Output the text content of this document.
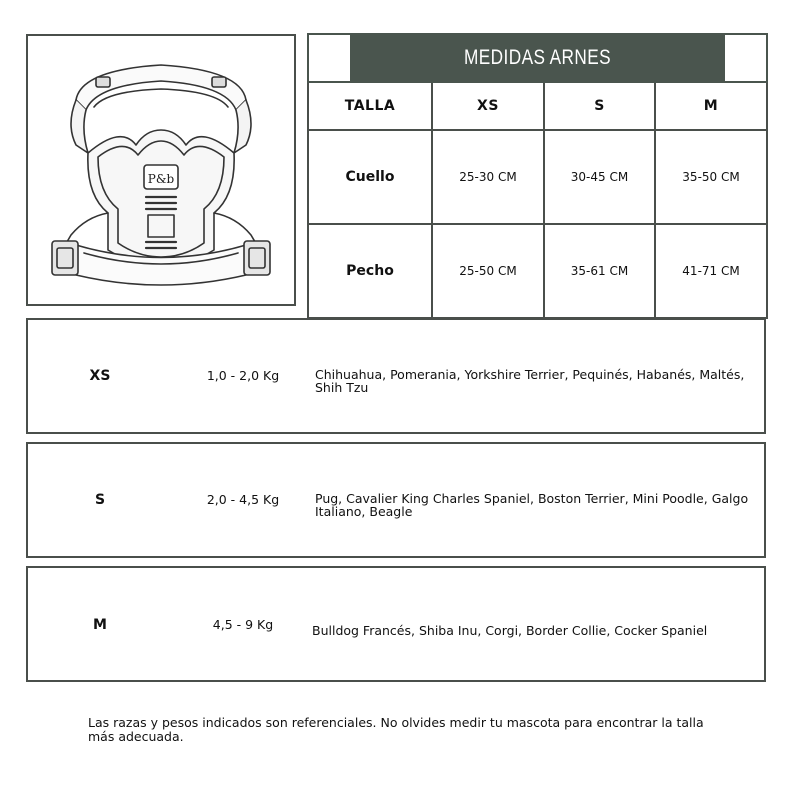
P&b
MEDIDAS ARNES			
TALLA	XS	S	M
Cuello	25-30 CM	30-45 CM	35-50 CM
Pecho	25-50 CM	35-61 CM	41-71 CM
XS	1,0 - 2,0 Kg	Chihuahua, Pomerania, Yorkshire Terrier, Pequinés, Habanés, Maltés, Shih Tzu
S	2,0 - 4,5 Kg	Pug, Cavalier King Charles Spaniel, Boston Terrier, Mini Poodle, Galgo Italiano, Beagle
M	4,5 - 9 Kg	Bulldog Francés, Shiba Inu, Corgi, Border Collie, Cocker Spaniel
Las razas y pesos indicados son referenciales. No olvides medir tu mascota para encontrar la talla más adecuada.
